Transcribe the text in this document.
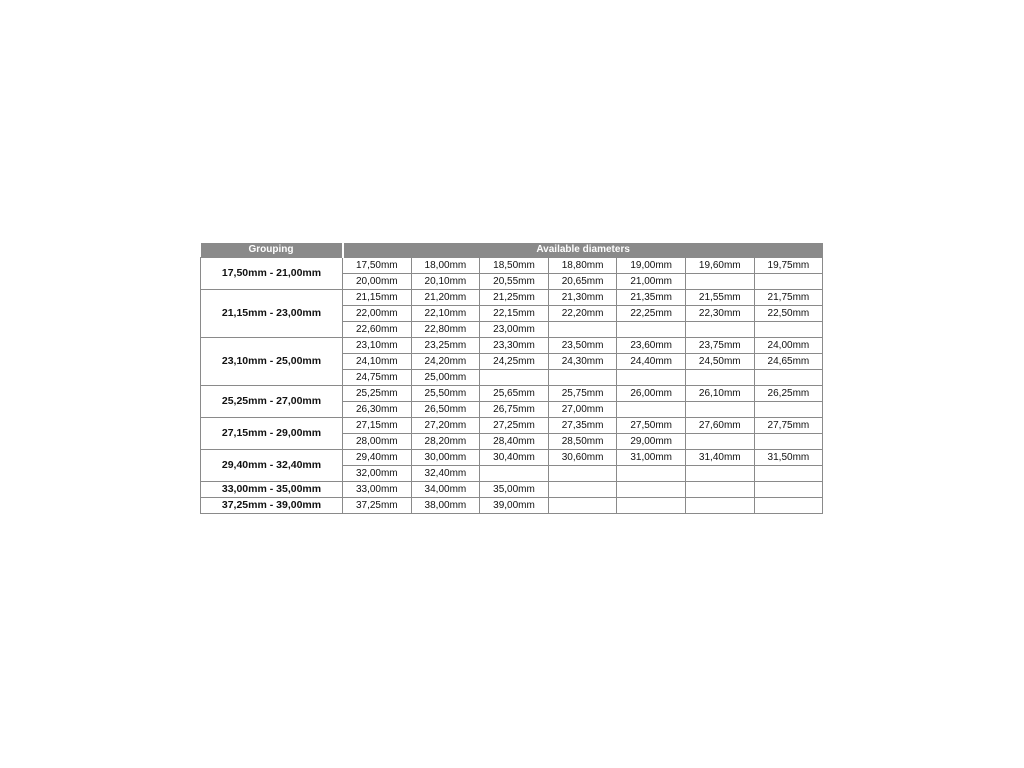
Grouping	Available diameters						
17,50mm - 21,00mm	17,50mm	18,00mm	18,50mm	18,80mm	19,00mm	19,60mm	19,75mm
	20,00mm	20,10mm	20,55mm	20,65mm	21,00mm		
21,15mm - 23,00mm	21,15mm	21,20mm	21,25mm	21,30mm	21,35mm	21,55mm	21,75mm
	22,00mm	22,10mm	22,15mm	22,20mm	22,25mm	22,30mm	22,50mm
	22,60mm	22,80mm	23,00mm				
23,10mm - 25,00mm	23,10mm	23,25mm	23,30mm	23,50mm	23,60mm	23,75mm	24,00mm
	24,10mm	24,20mm	24,25mm	24,30mm	24,40mm	24,50mm	24,65mm
	24,75mm	25,00mm					
25,25mm - 27,00mm	25,25mm	25,50mm	25,65mm	25,75mm	26,00mm	26,10mm	26,25mm
	26,30mm	26,50mm	26,75mm	27,00mm			
27,15mm - 29,00mm	27,15mm	27,20mm	27,25mm	27,35mm	27,50mm	27,60mm	27,75mm
	28,00mm	28,20mm	28,40mm	28,50mm	29,00mm		
29,40mm - 32,40mm	29,40mm	30,00mm	30,40mm	30,60mm	31,00mm	31,40mm	31,50mm
	32,00mm	32,40mm					
33,00mm - 35,00mm	33,00mm	34,00mm	35,00mm				
37,25mm - 39,00mm	37,25mm	38,00mm	39,00mm				
